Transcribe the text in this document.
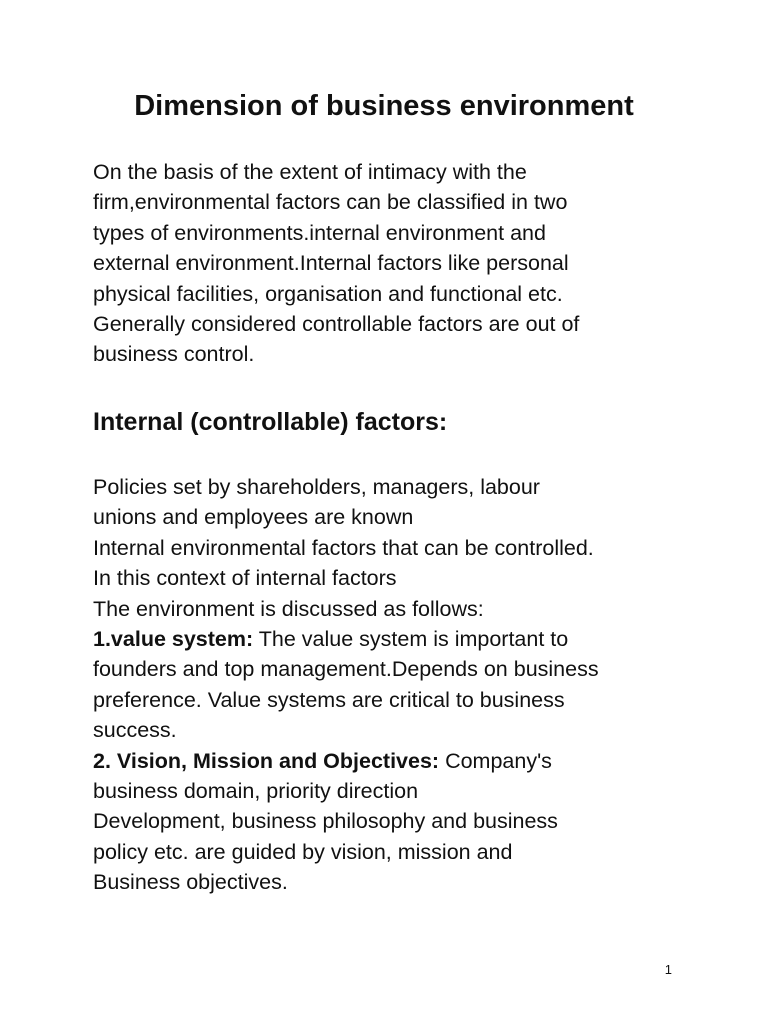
Dimension of business environment

On the basis of the extent of intimacy with the
firm,environmental factors can be classified in two
types of environments.internal environment and
external environment.Internal factors like personal
physical facilities, organisation and functional etc.
Generally considered controllable factors are out of
business control.

Internal (controllable) factors:
Policies set by shareholders, managers, labour
unions and employees are known
Internal environmental factors that can be controlled.
In this context of internal factors
The environment is discussed as follows:
1.value system: The value system is important to
founders and top management.Depends on business
preference. Value systems are critical to business
success.
2. Vision, Mission and Objectives: Company's
business domain, priority direction
Development, business philosophy and business
policy etc. are guided by vision, mission and
Business objectives.
1
